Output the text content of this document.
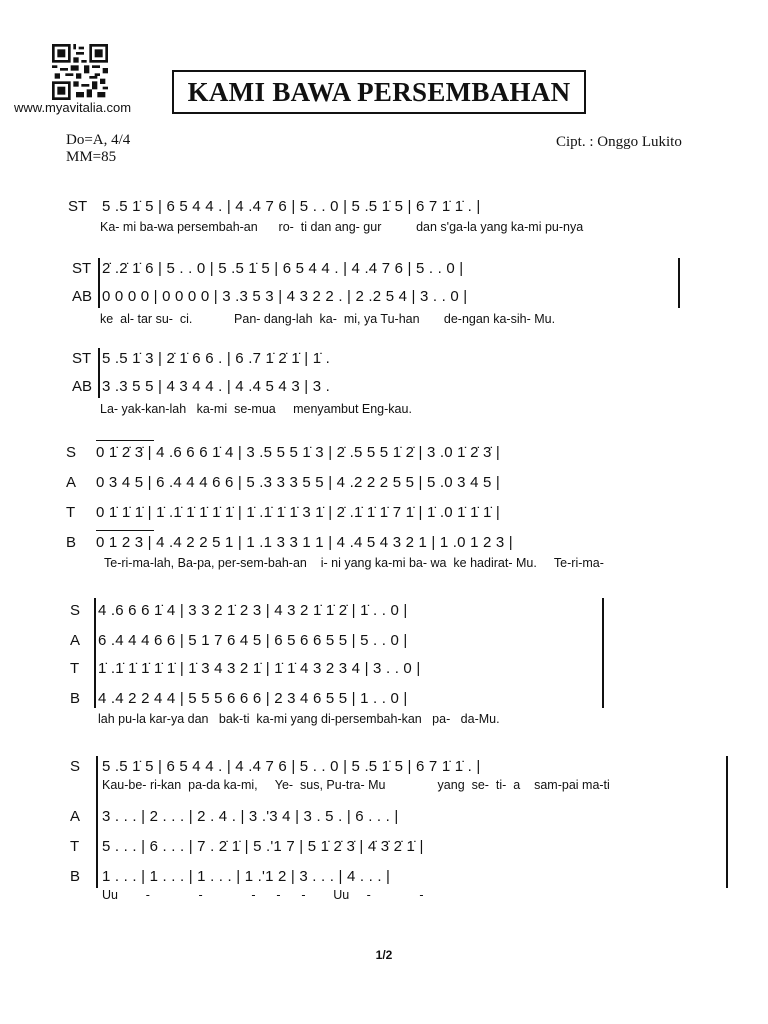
www.myavitalia.com
KAMI BAWA PERSEMBAHAN
Do=A, 4/4
MM=85
Cipt. : Onggo Lukito
ST 5 .5 1̇ 5 | 6 5 4 4 . | 4 .4 7 6 | 5 . . 0 | 5 .5 1̇ 5 | 6 7 1̇ 1̇ . |
Ka- mi ba-wa persembah-an      ro-  ti dan ang- gur          dan s'ga-la yang ka-mi pu-nya
ST 2̇ .2̇ 1̇ 6 | 5 . . 0 | 5 .5 1̇ 5 | 6 5 4 4 . | 4 .4 7 6 | 5 . . 0 |
AB 0 0 0 0 | 0 0 0 0 | 3 .3 5 3 | 4 3 2 2 . | 2 .2 5 4 | 3 . . 0 |
ke  al- tar su-  ci.            Pan- dang-lah  ka-  mi, ya Tu-han       de-ngan ka-sih- Mu.
ST 5 .5 1̇ 3 | 2̇ 1̇ 6 6 . | 6 .7 1̇ 2̇ 1̇ | 1̇ .
AB 3 .3 5 5 | 4 3 4 4 . | 4 .4 5 4 3 | 3 .
La- yak-kan-lah   ka-mi  se-mua     menyambut Eng-kau.
S 0 1̇ 2̇ 3̇ | 4 .6 6 6 1̇ 4 | 3 .5 5 5 1̇ 3 | 2̇ .5 5 5 1̇ 2̇ | 3 .0 1̇ 2̇ 3̇ |
A 0 3 4 5 | 6 .4 4 4 6 6 | 5 .3 3 3 5 5 | 4 .2 2 2 5 5 | 5 .0 3 4 5 |
T 0 1̇ 1̇ 1̇ | 1̇ .1̇ 1̇ 1̇ 1̇ 1̇ | 1̇ .1̇ 1̇ 1̇ 3 1̇ | 2̇ .1̇ 1̇ 1̇ 7 1̇ | 1̇ .0 1̇ 1̇ 1̇ |
B 0 1 2 3 | 4 .4 2 2 5 1 | 1 .1 3 3 1 1 | 4 .4 5 4 3 2 1 | 1 .0 1 2 3 |
Te-ri-ma-lah, Ba-pa, per-sem-bah-an    i- ni yang ka-mi ba- wa  ke hadirat- Mu.     Te-ri-ma-
S 4 .6 6 6 1̇ 4 | 3 3 2 1̇ 2 3 | 4 3 2 1̇ 1̇ 2̇ | 1̇ . . 0 |
A 6 .4 4 4 6 6 | 5 1 7 6 4 5 | 6 5 6 6 5 5 | 5 . . 0 |
T 1̇ .1̇ 1̇ 1̇ 1̇ 1̇ | 1̇ 3 4 3 2 1̇ | 1̇ 1̇ 4 3 2 3 4 | 3 . . 0 |
B 4 .4 2 2 4 4 | 5 5 5 6 6 6 | 2 3 4 6 5 5 | 1 . . 0 |
lah pu-la kar-ya dan   bak-ti  ka-mi yang di-persembah-kan   pa-   da-Mu.
S 5 .5 1̇ 5 | 6 5 4 4 . | 4 .4 7 6 | 5 . . 0 | 5 .5 1̇ 5 | 6 7 1̇ 1̇ . |
Kau-be- ri-kan  pa-da ka-mi,     Ye-  sus, Pu-tra- Mu               yang  se-  ti-  a    sam-pai ma-ti
A 3 . . . | 2 . . . | 2 . 4 . | 3 .'3 4 | 3 . 5 . | 6 . . . |
T 5 . . . | 6 . . . | 7 . 2̇ 1̇ | 5 .'1 7 | 5 1̇ 2̇ 3̇ | 4̇ 3̇ 2̇ 1̇ |
B 1 . . . | 1 . . . | 1 . . . | 1 .'1 2 | 3 . . . | 4 . . . |
Uu        -              -              -      -      -        Uu     -              -
1/2
